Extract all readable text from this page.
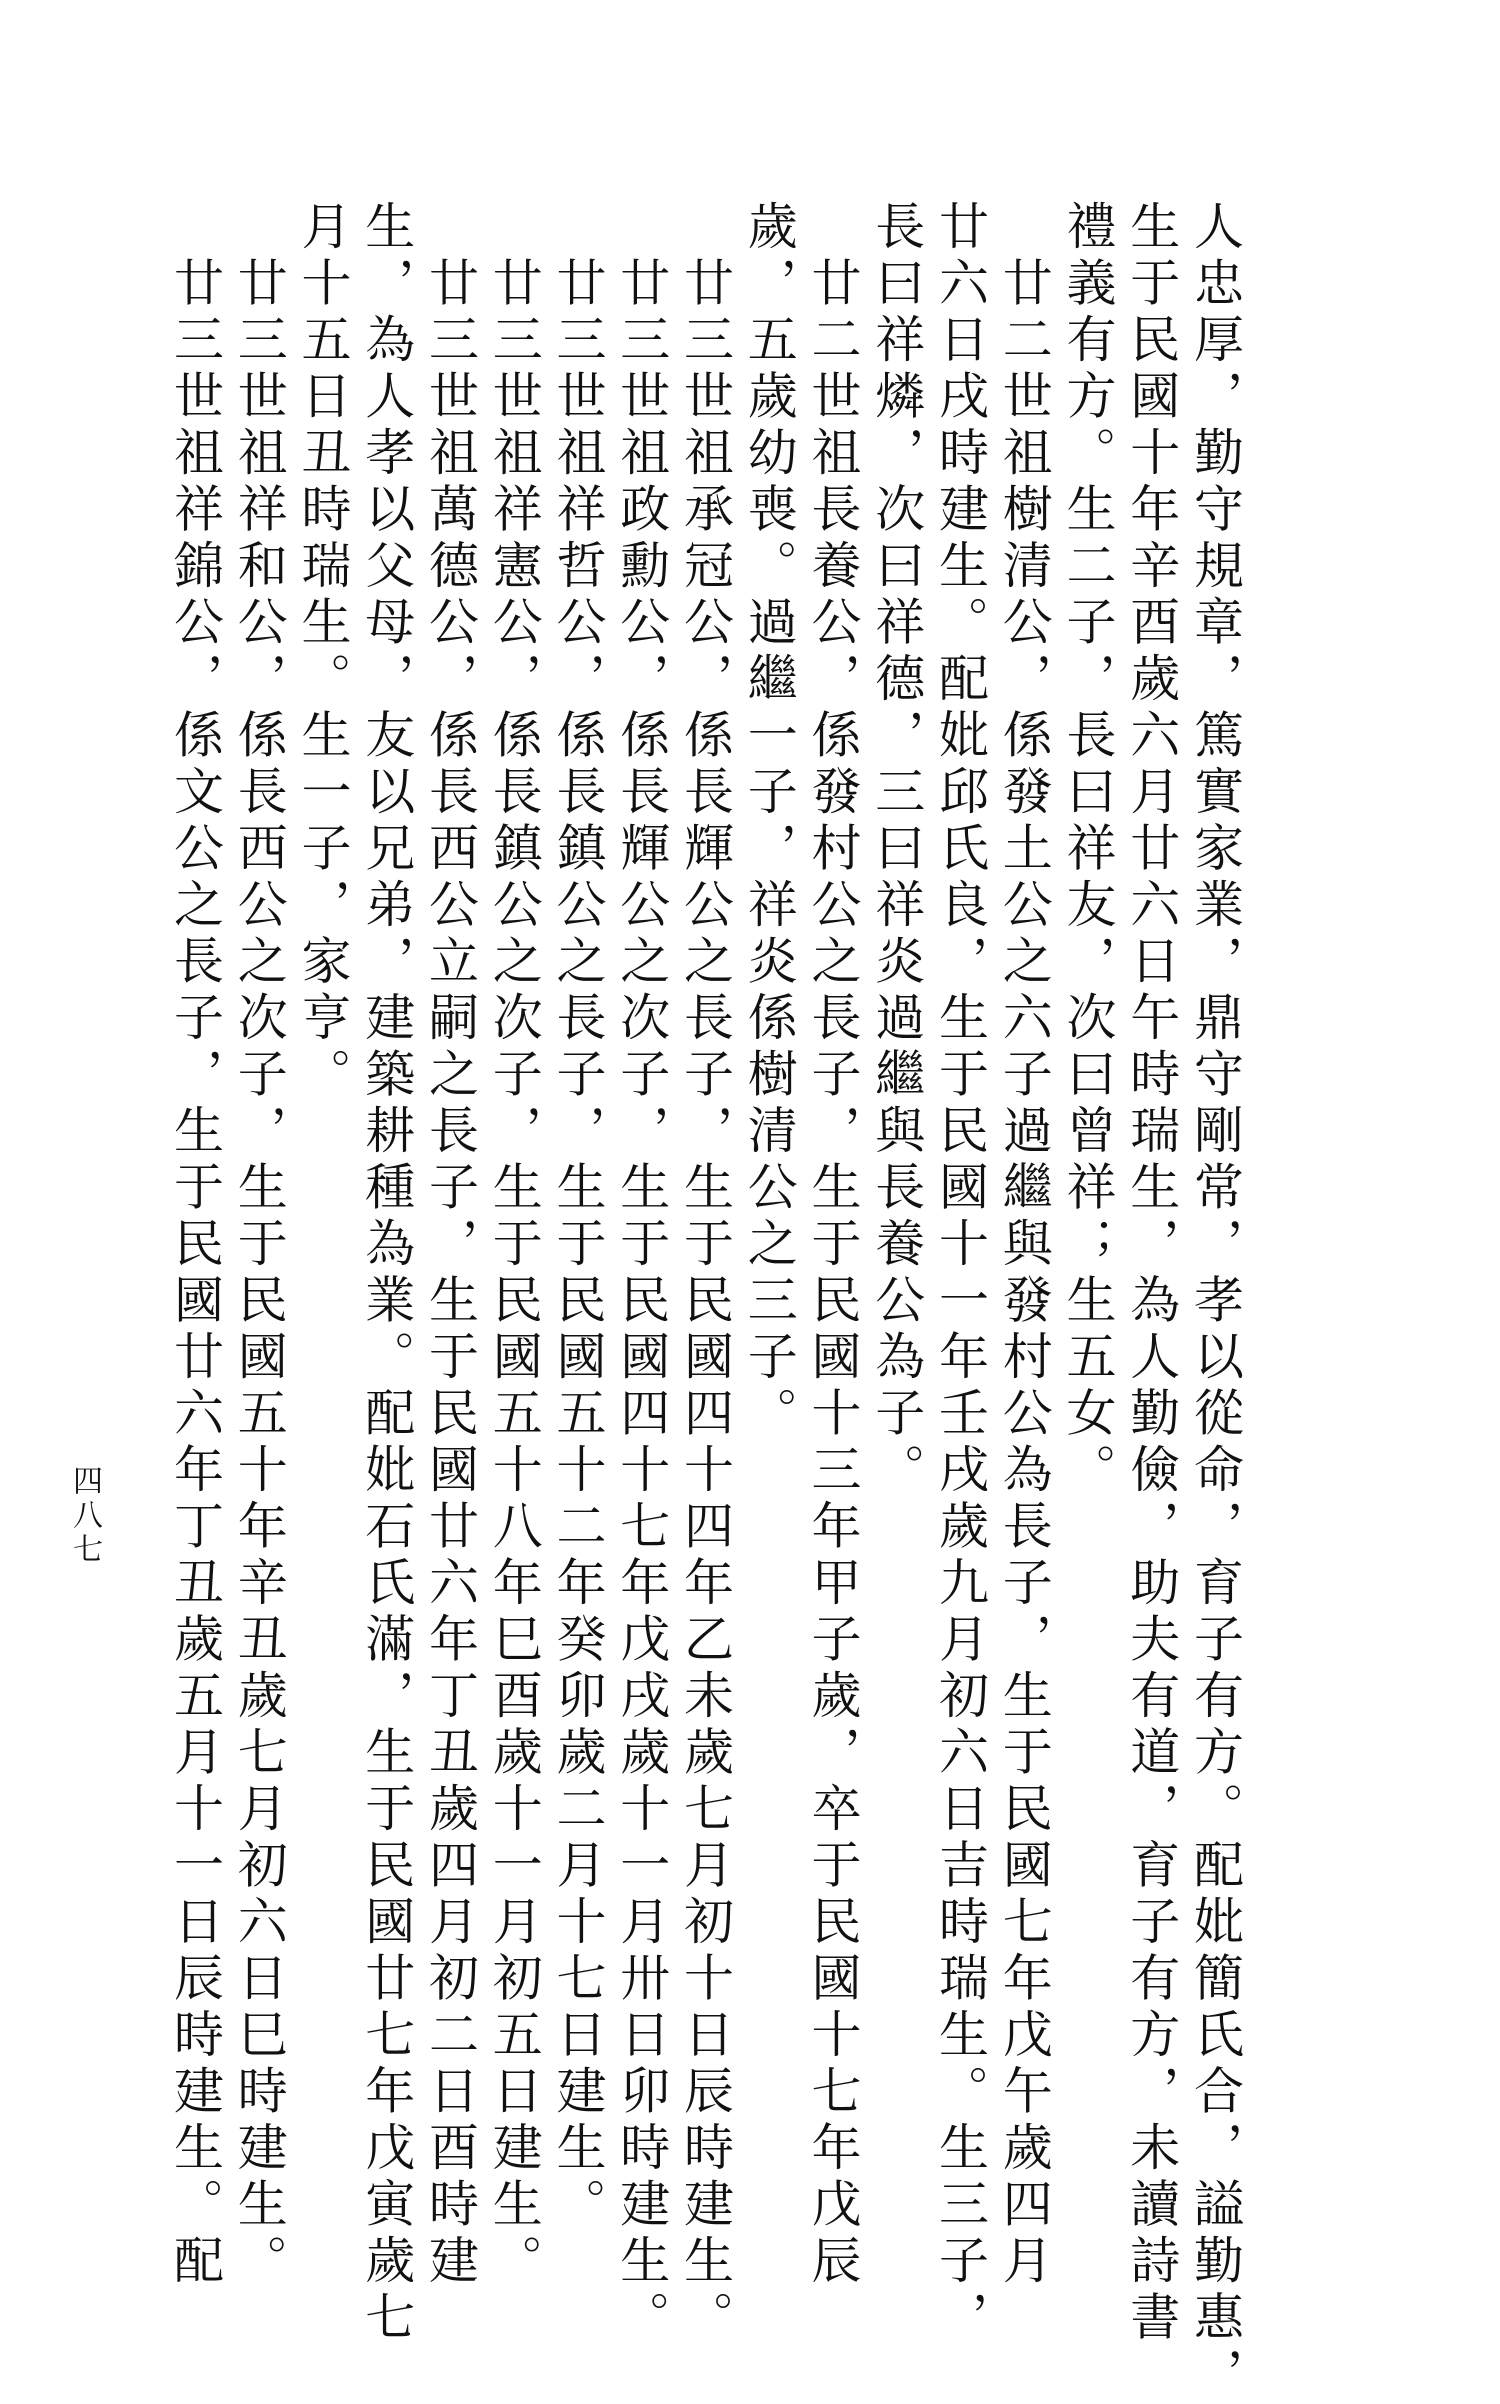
人忠厚，勤守規章，篤實家業，鼎守剛常，孝以從命，育子有方。配妣簡氏合，謚勤惠，
生于民國十年辛酉歲六月廿六日午時瑞生，為人勤儉，助夫有道，育子有方，未讀詩書
禮義有方。生二子，長曰祥友，次曰曾祥；生五女。
　廿二世祖樹清公，係發土公之六子過繼與發村公為長子，生于民國七年戊午歲四月
廿六日戌時建生。配妣邱氏良，生于民國十一年壬戌歲九月初六日吉時瑞生。生三子，
長曰祥燐，次曰祥德，三曰祥炎過繼與長養公為子。
　廿二世祖長養公，係發村公之長子，生于民國十三年甲子歲，卒于民國十七年戊辰
歲，五歲幼喪。過繼一子，祥炎係樹清公之三子。
　廿三世祖承冠公，係長輝公之長子，生于民國四十四年乙未歲七月初十日辰時建生。
　廿三世祖政勳公，係長輝公之次子，生于民國四十七年戊戌歲十一月卅日卯時建生。
　廿三世祖祥哲公，係長鎮公之長子，生于民國五十二年癸卯歲二月十七日建生。
　廿三世祖祥憲公，係長鎮公之次子，生于民國五十八年巳酉歲十一月初五日建生。
　廿三世祖萬德公，係長西公立嗣之長子，生于民國廿六年丁丑歲四月初二日酉時建
生，為人孝以父母，友以兄弟，建築耕種為業。配妣石氏滿，生于民國廿七年戊寅歲七
月十五日丑時瑞生。生一子，家亨。
　廿三世祖祥和公，係長西公之次子，生于民國五十年辛丑歲七月初六日巳時建生。
　廿三世祖祥錦公，係文公之長子，生于民國廿六年丁丑歲五月十一日辰時建生。配
四八七
